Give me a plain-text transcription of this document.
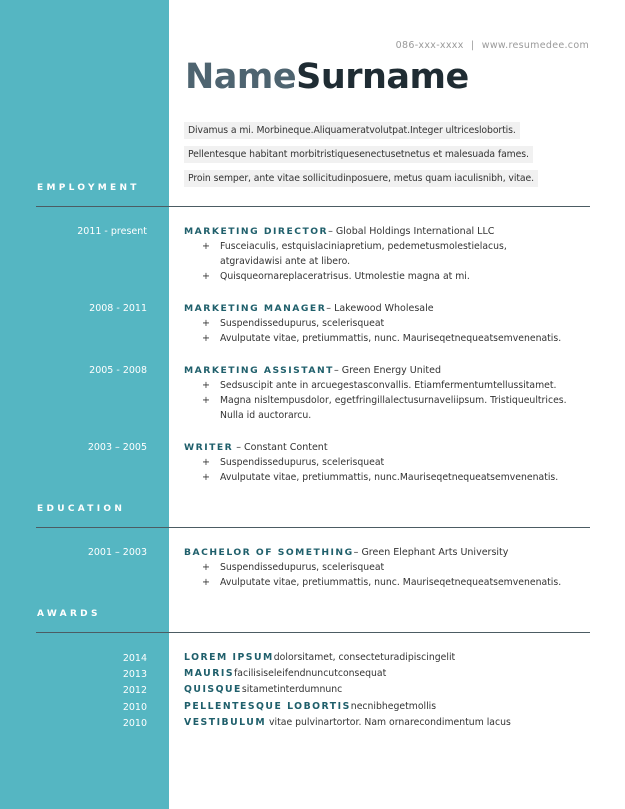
086-xxx-xxxx | www.resumedee.com
NameSurname
Divamus a mi. Morbineque.Aliquameratvolutpat.Integer ultriceslobortis.
Pellentesque habitant morbitristiquesenectusetnetus et malesuada fames.
Proin semper, ante vitae sollicitudinposuere, metus quam iaculisnibh, vitae.
EMPLOYMENT
2011 - present	MARKETING DIRECTOR– Global Holdings International LLC
+ Fusceiaculis, estquislaciniapretium, pedemetusmolestielacus,
atgravidawisi ante at libero.
+ Quisqueornareplaceratrisus. Utmolestie magna at mi.
2008 - 2011	MARKETING MANAGER– Lakewood Wholesale
+ Suspendissedupurus, scelerisqueat
+ Avulputate vitae, pretiummattis, nunc. Mauriseqetnequeatsemvenenatis.
2005 - 2008	MARKETING ASSISTANT– Green Energy United
+ Sedsuscipit ante in arcuegestasconvallis. Etiamfermentumtellussitamet.
+ Magna nisltempusdolor, egetfringillalectusurnaveliipsum. Tristiqueultrices.
Nulla id auctorarcu.
2003 – 2005	WRITER – Constant Content
+ Suspendissedupurus, scelerisqueat
+ Avulputate vitae, pretiummattis, nunc.Mauriseqetnequeatsemvenenatis.
EDUCATION
2001 – 2003	BACHELOR OF SOMETHING– Green Elephant Arts University
+ Suspendissedupurus, scelerisqueat
+ Avulputate vitae, pretiummattis, nunc. Mauriseqetnequeatsemvenenatis.
AWARDS
2014	LOREM IPSUMdolorsitamet, consecteturadipiscingelit
2013	MAURISfacilisiseleifendnuncutconsequat
2012	QUISQUEsitametinterdumnunc
2010	PELLENTESQUE LOBORTISnecnibhegetmollis
2010	VESTIBULUM vitae pulvinartortor. Nam ornarecondimentum lacus
